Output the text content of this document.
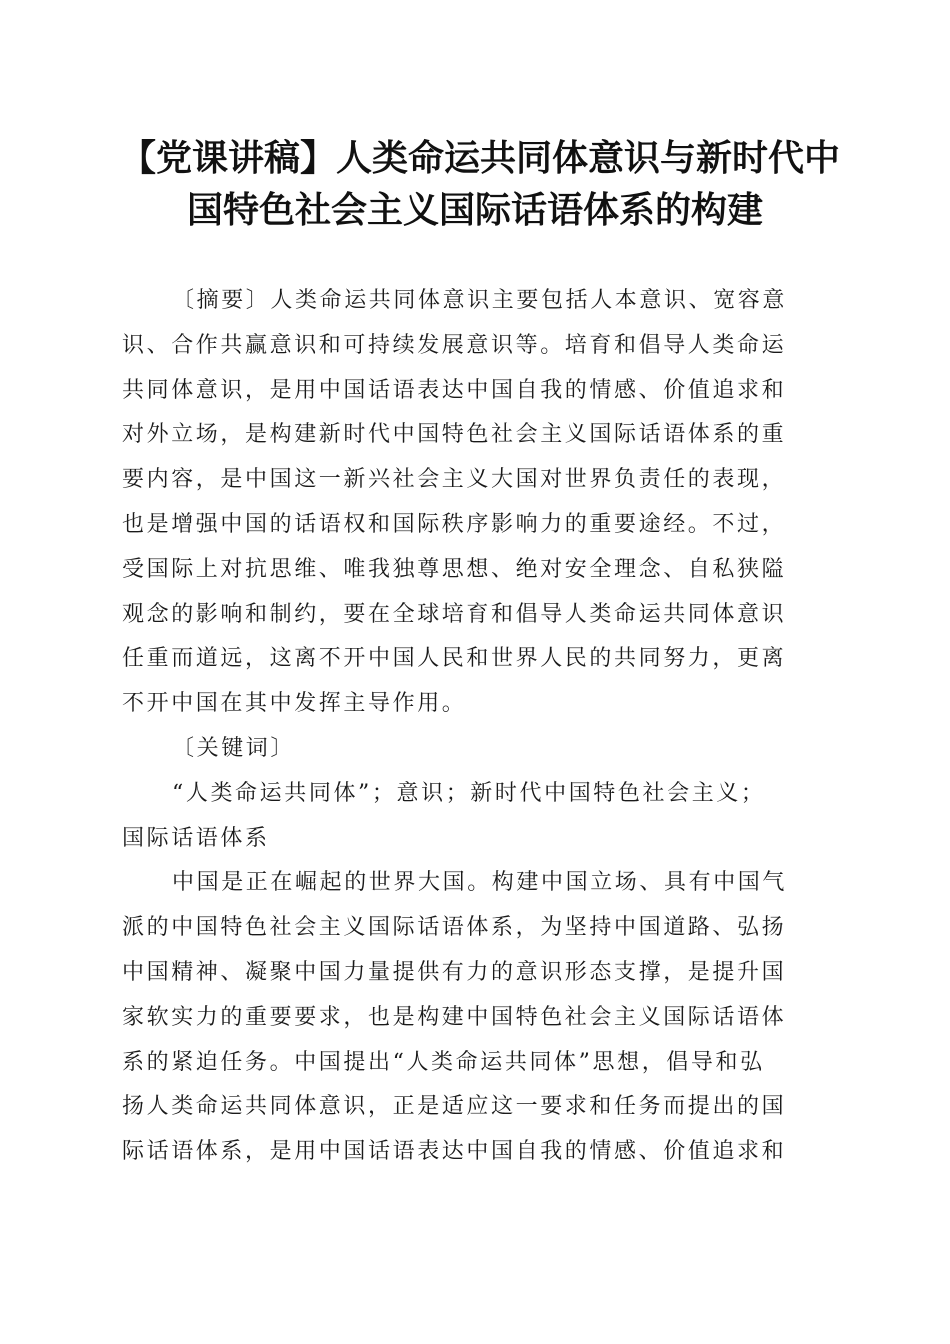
【党课讲稿】人类命运共同体意识与新时代中
国特色社会主义国际话语体系的构建
〔摘要〕人类命运共同体意识主要包括人本意识、宽容意
识、合作共赢意识和可持续发展意识等。培育和倡导人类命运
共同体意识，是用中国话语表达中国自我的情感、价值追求和
对外立场，是构建新时代中国特色社会主义国际话语体系的重
要内容，是中国这一新兴社会主义大国对世界负责任的表现，
也是增强中国的话语权和国际秩序影响力的重要途经。不过，
受国际上对抗思维、唯我独尊思想、绝对安全理念、自私狭隘
观念的影响和制约，要在全球培育和倡导人类命运共同体意识
任重而道远，这离不开中国人民和世界人民的共同努力，更离
不开中国在其中发挥主导作用。
〔关键词〕
“人类命运共同体”；意识；新时代中国特色社会主义；
国际话语体系
中国是正在崛起的世界大国。构建中国立场、具有中国气
派的中国特色社会主义国际话语体系，为坚持中国道路、弘扬
中国精神、凝聚中国力量提供有力的意识形态支撑，是提升国
家软实力的重要要求，也是构建中国特色社会主义国际话语体
系的紧迫任务。中国提出“人类命运共同体”思想，倡导和弘
扬人类命运共同体意识，正是适应这一要求和任务而提出的国
际话语体系，是用中国话语表达中国自我的情感、价值追求和
